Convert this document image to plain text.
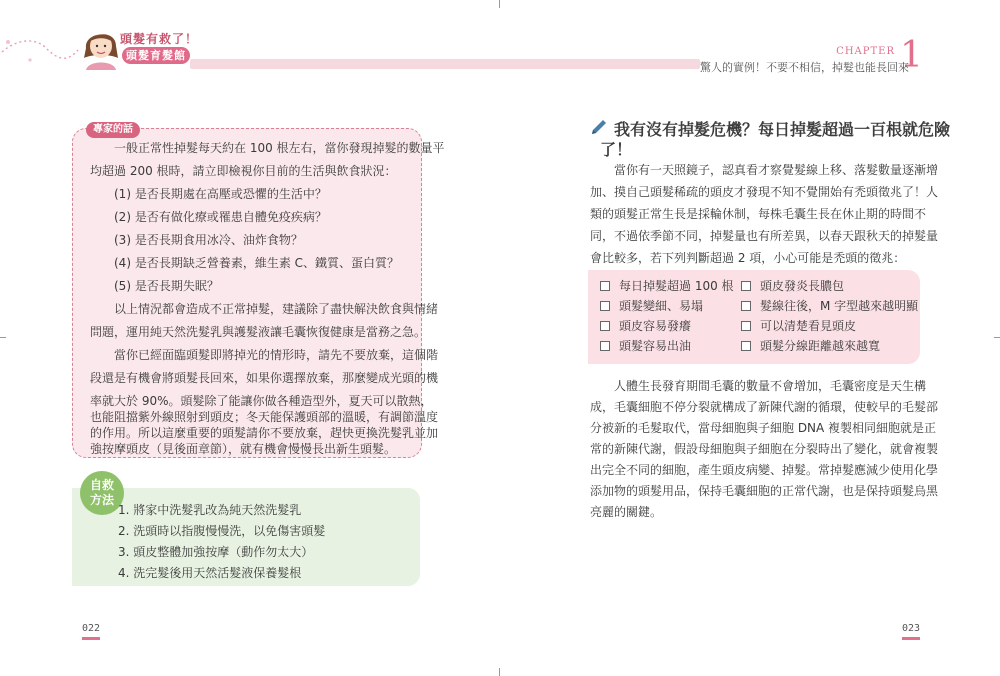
頭髮有救了！
頭髮育髮館	CHAPTER 1
驚人的實例！不要不相信，掉髮也能長回來
專家的話
　　一般正常性掉髮每天約在 100 根左右，當你發現掉髮的數量平
均超過 200 根時，請立即檢視你目前的生活與飲食狀況：
　　(1) 是否長期處在高壓或恐懼的生活中？
　　(2) 是否有做化療或罹患自體免疫疾病？
　　(3) 是否長期食用冰冷、油炸食物？
　　(4) 是否長期缺乏營養素，維生素 C、鐵質、蛋白質？
　　(5) 是否長期失眠？
　　以上情況都會造成不正常掉髮，建議除了盡快解決飲食與情緒
問題，運用純天然洗髮乳與護髮液讓毛囊恢復健康是當務之急。
　　當你已經面臨頭髮即將掉光的情形時，請先不要放棄，這個階
段還是有機會將頭髮長回來，如果你選擇放棄，那麼變成光頭的機
率就大於 90%。頭髮除了能讓你做各種造型外，夏天可以散熱，
也能阻擋紫外線照射到頭皮；冬天能保護頭部的溫暖，有調節溫度
的作用。所以這麼重要的頭髮請你不要放棄，趕快更換洗髮乳並加
強按摩頭皮（見後面章節），就有機會慢慢長出新生頭髮。
自救
方法
1. 將家中洗髮乳改為純天然洗髮乳
2. 洗頭時以指腹慢慢洗，以免傷害頭髮
3. 頭皮整體加強按摩（動作勿太大）
4. 洗完髮後用天然活髮液保養髮根
022	023
我有沒有掉髮危機？每日掉髮超過一百根就危險
了！
　　當你有一天照鏡子，認真看才察覺髮線上移、落髮數量逐漸增
加、摸自己頭髮稀疏的頭皮才發現不知不覺開始有禿頭徵兆了！人
類的頭髮正常生長是採輪休制，每株毛囊生長在休止期的時間不
同，不過依季節不同，掉髮量也有所差異，以春天跟秋天的掉髮量
會比較多，若下列判斷超過 2 項，小心可能是禿頭的徵兆：
每日掉髮超過 100 根
頭髮變細、易塌
頭皮容易發癢
頭髮容易出油
頭皮發炎長膿包
髮線往後，M 字型越來越明顯
可以清楚看見頭皮
頭髮分線距離越來越寬
　　人體生長發育期間毛囊的數量不會增加，毛囊密度是天生構
成，毛囊細胞不停分裂就構成了新陳代謝的循環，使較早的毛髮部
分被新的毛髮取代，當母細胞與子細胞 DNA 複製相同細胞就是正
常的新陳代謝，假設母細胞與子細胞在分裂時出了變化，就會複製
出完全不同的細胞，產生頭皮病變、掉髮。常掉髮應減少使用化學
添加物的頭髮用品，保持毛囊細胞的正常代謝，也是保持頭髮烏黑
亮麗的關鍵。
